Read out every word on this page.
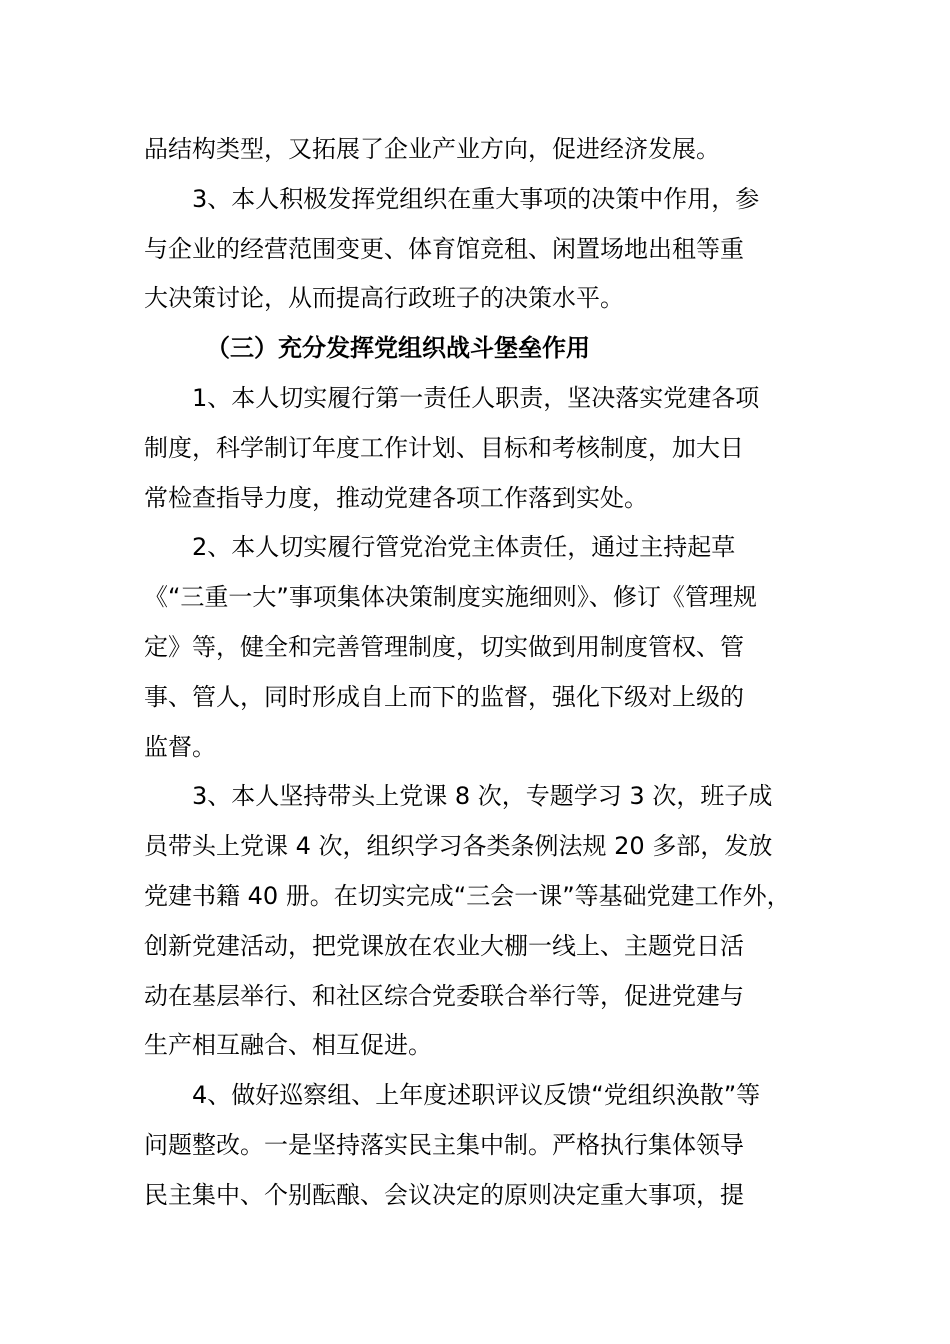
品结构类型，又拓展了企业产业方向，促进经济发展。
3、本人积极发挥党组织在重大事项的决策中作用，参
与企业的经营范围变更、体育馆竞租、闲置场地出租等重
大决策讨论，从而提高行政班子的决策水平。
（三）充分发挥党组织战斗堡垒作用
1、本人切实履行第一责任人职责，坚决落实党建各项
制度，科学制订年度工作计划、目标和考核制度，加大日
常检查指导力度，推动党建各项工作落到实处。
2、本人切实履行管党治党主体责任，通过主持起草
《“三重一大”事项集体决策制度实施细则》、修订《管理规
定》等，健全和完善管理制度，切实做到用制度管权、管
事、管人，同时形成自上而下的监督，强化下级对上级的
监督。
3、本人坚持带头上党课 8 次，专题学习 3 次，班子成
员带头上党课 4 次，组织学习各类条例法规 20 多部，发放
党建书籍 40 册。在切实完成“三会一课”等基础党建工作外，
创新党建活动，把党课放在农业大棚一线上、主题党日活
动在基层举行、和社区综合党委联合举行等，促进党建与
生产相互融合、相互促进。
4、做好巡察组、上年度述职评议反馈“党组织涣散”等
问题整改。一是坚持落实民主集中制。严格执行集体领导
民主集中、个别酝酿、会议决定的原则决定重大事项，提
